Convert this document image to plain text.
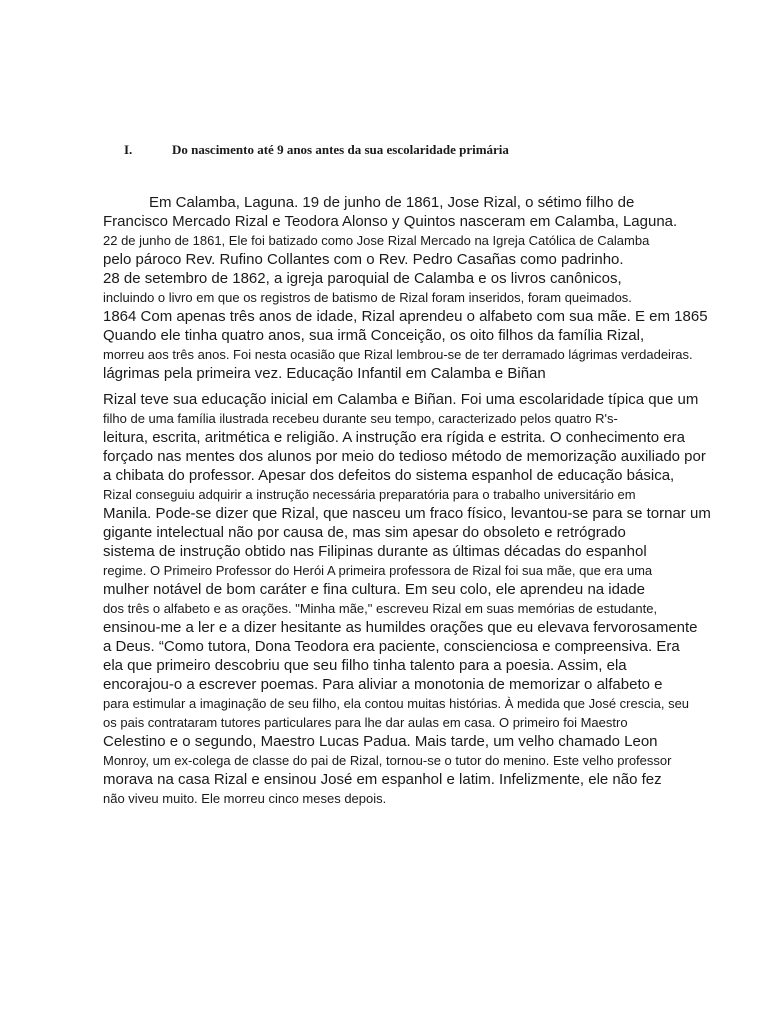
I.	Do nascimento até 9 anos antes da sua escolaridade primária
Em Calamba, Laguna. 19 de junho de 1861, Jose Rizal, o sétimo filho de
Francisco Mercado Rizal e Teodora Alonso y Quintos nasceram em Calamba, Laguna.
22 de junho de 1861, Ele foi batizado como Jose Rizal Mercado na Igreja Católica de Calamba
pelo pároco Rev. Rufino Collantes com o Rev. Pedro Casañas como padrinho.
28 de setembro de 1862, a igreja paroquial de Calamba e os livros canônicos,
incluindo o livro em que os registros de batismo de Rizal foram inseridos, foram queimados.
1864 Com apenas três anos de idade, Rizal aprendeu o alfabeto com sua mãe. E em 1865
Quando ele tinha quatro anos, sua irmã Conceição, os oito filhos da família Rizal,
morreu aos três anos. Foi nesta ocasião que Rizal lembrou-se de ter derramado lágrimas verdadeiras.
lágrimas pela primeira vez. Educação Infantil em Calamba e Biñan
Rizal teve sua educação inicial em Calamba e Biñan. Foi uma escolaridade típica que um
filho de uma família ilustrada recebeu durante seu tempo, caracterizado pelos quatro R's-
leitura, escrita, aritmética e religião. A instrução era rígida e estrita. O conhecimento era
forçado nas mentes dos alunos por meio do tedioso método de memorização auxiliado por
a chibata do professor. Apesar dos defeitos do sistema espanhol de educação básica,
Rizal conseguiu adquirir a instrução necessária preparatória para o trabalho universitário em
Manila. Pode-se dizer que Rizal, que nasceu um fraco físico, levantou-se para se tornar um
gigante intelectual não por causa de, mas sim apesar do obsoleto e retrógrado
sistema de instrução obtido nas Filipinas durante as últimas décadas do espanhol
regime. O Primeiro Professor do Herói A primeira professora de Rizal foi sua mãe, que era uma
mulher notável de bom caráter e fina cultura. Em seu colo, ele aprendeu na idade
dos três o alfabeto e as orações. "Minha mãe," escreveu Rizal em suas memórias de estudante,
ensinou-me a ler e a dizer hesitante as humildes orações que eu elevava fervorosamente
a Deus. “Como tutora, Dona Teodora era paciente, conscienciosa e compreensiva. Era
ela que primeiro descobriu que seu filho tinha talento para a poesia. Assim, ela
encorajou-o a escrever poemas. Para aliviar a monotonia de memorizar o alfabeto e
para estimular a imaginação de seu filho, ela contou muitas histórias. À medida que José crescia, seu
os pais contrataram tutores particulares para lhe dar aulas em casa. O primeiro foi Maestro
Celestino e o segundo, Maestro Lucas Padua. Mais tarde, um velho chamado Leon
Monroy, um ex-colega de classe do pai de Rizal, tornou-se o tutor do menino. Este velho professor
morava na casa Rizal e ensinou José em espanhol e latim. Infelizmente, ele não fez
não viveu muito. Ele morreu cinco meses depois.
